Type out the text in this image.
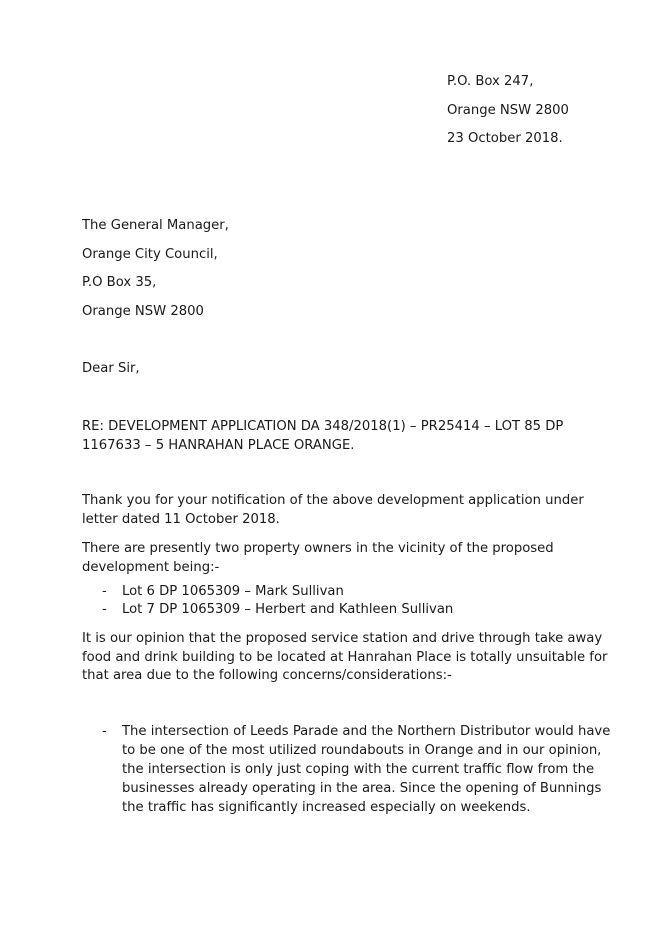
P.O. Box 247,
Orange NSW 2800
23 October 2018.
The General Manager,
Orange City Council,
P.O Box 35,
Orange NSW 2800
Dear Sir,

RE: DEVELOPMENT APPLICATION DA 348/2018(1) – PR25414 – LOT 85 DP

1167633 – 5 HANRAHAN PLACE ORANGE.

Thank you for your notification of the above development application under

letter dated 11 October 2018.

There are presently two property owners in the vicinity of the proposed

development being:-

- Lot 6 DP 1065309 – Mark Sullivan
- Lot 7 DP 1065309 – Herbert and Kathleen Sullivan

It is our opinion that the proposed service station and drive through take away

food and drink building to be located at Hanrahan Place is totally unsuitable for

that area due to the following concerns/considerations:-

- The intersection of Leeds Parade and the Northern Distributor would have

to be one of the most utilized roundabouts in Orange and in our opinion,

the intersection is only just coping with the current traffic flow from the

businesses already operating in the area. Since the opening of Bunnings

the traffic has significantly increased especially on weekends.
